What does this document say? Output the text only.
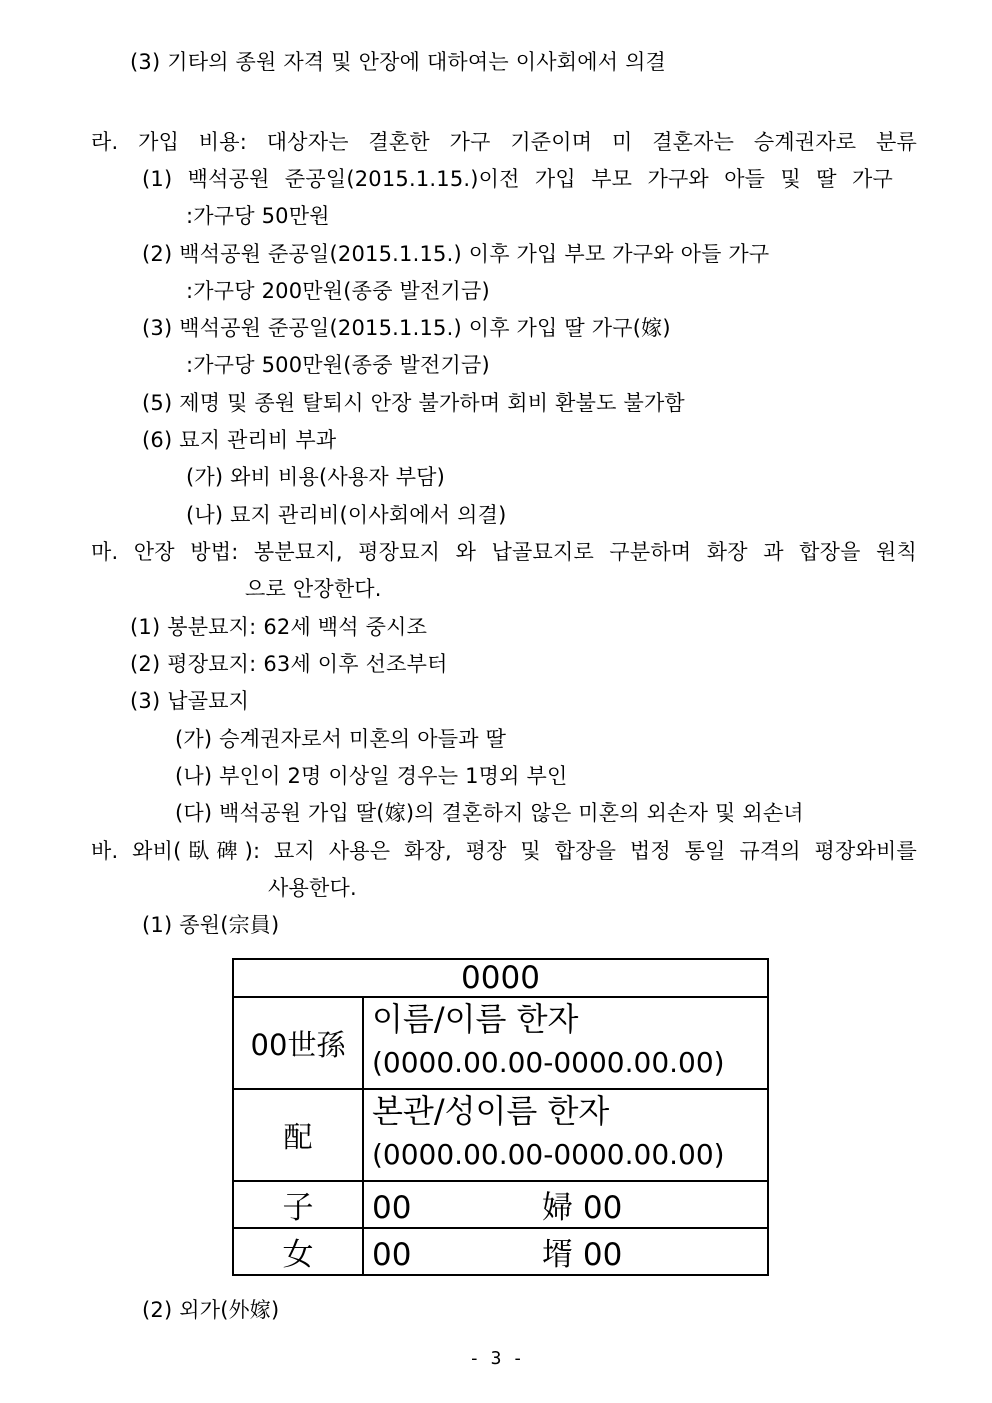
(3) 기타의 종원 자격 및 안장에 대하여는 이사회에서 의결
라. 가입 비용: 대상자는 결혼한 가구 기준이며 미 결혼자는 승계권자로 분류
(1) 백석공원 준공일(2015.1.15.)이전 가입 부모 가구와 아들 및 딸 가구
:가구당 50만원
(2) 백석공원 준공일(2015.1.15.) 이후 가입 부모 가구와 아들 가구
:가구당 200만원(종중 발전기금)
(3) 백석공원 준공일(2015.1.15.) 이후 가입 딸 가구(嫁)
:가구당 500만원(종중 발전기금)
(5) 제명 및 종원 탈퇴시 안장 불가하며 회비 환불도 불가함
(6) 묘지 관리비 부과
(가) 와비 비용(사용자 부담)
(나) 묘지 관리비(이사회에서 의결)
마. 안장 방법: 봉분묘지, 평장묘지 와 납골묘지로 구분하며 화장 과 합장을 원칙
으로 안장한다.
(1) 봉분묘지: 62세 백석 중시조
(2) 평장묘지: 63세 이후 선조부터
(3) 납골묘지
(가) 승계권자로서 미혼의 아들과 딸
(나) 부인이 2명 이상일 경우는 1명외 부인
(다) 백석공원 가입 딸(嫁)의 결혼하지 않은 미혼의 외손자 및 외손녀
바. 와비(臥碑): 묘지 사용은 화장, 평장 및 합장을 법정 통일 규격의 평장와비를
사용한다.
(1) 종원(宗員)
0000	
00世孫	이름/이름 한자
(0000.00.00-0000.00.00)

配	본관/성이름 한자
(0000.00.00-0000.00.00)

子	00 婦 00
女	00 壻 00
(2) 외가(外嫁)
- 3 -
